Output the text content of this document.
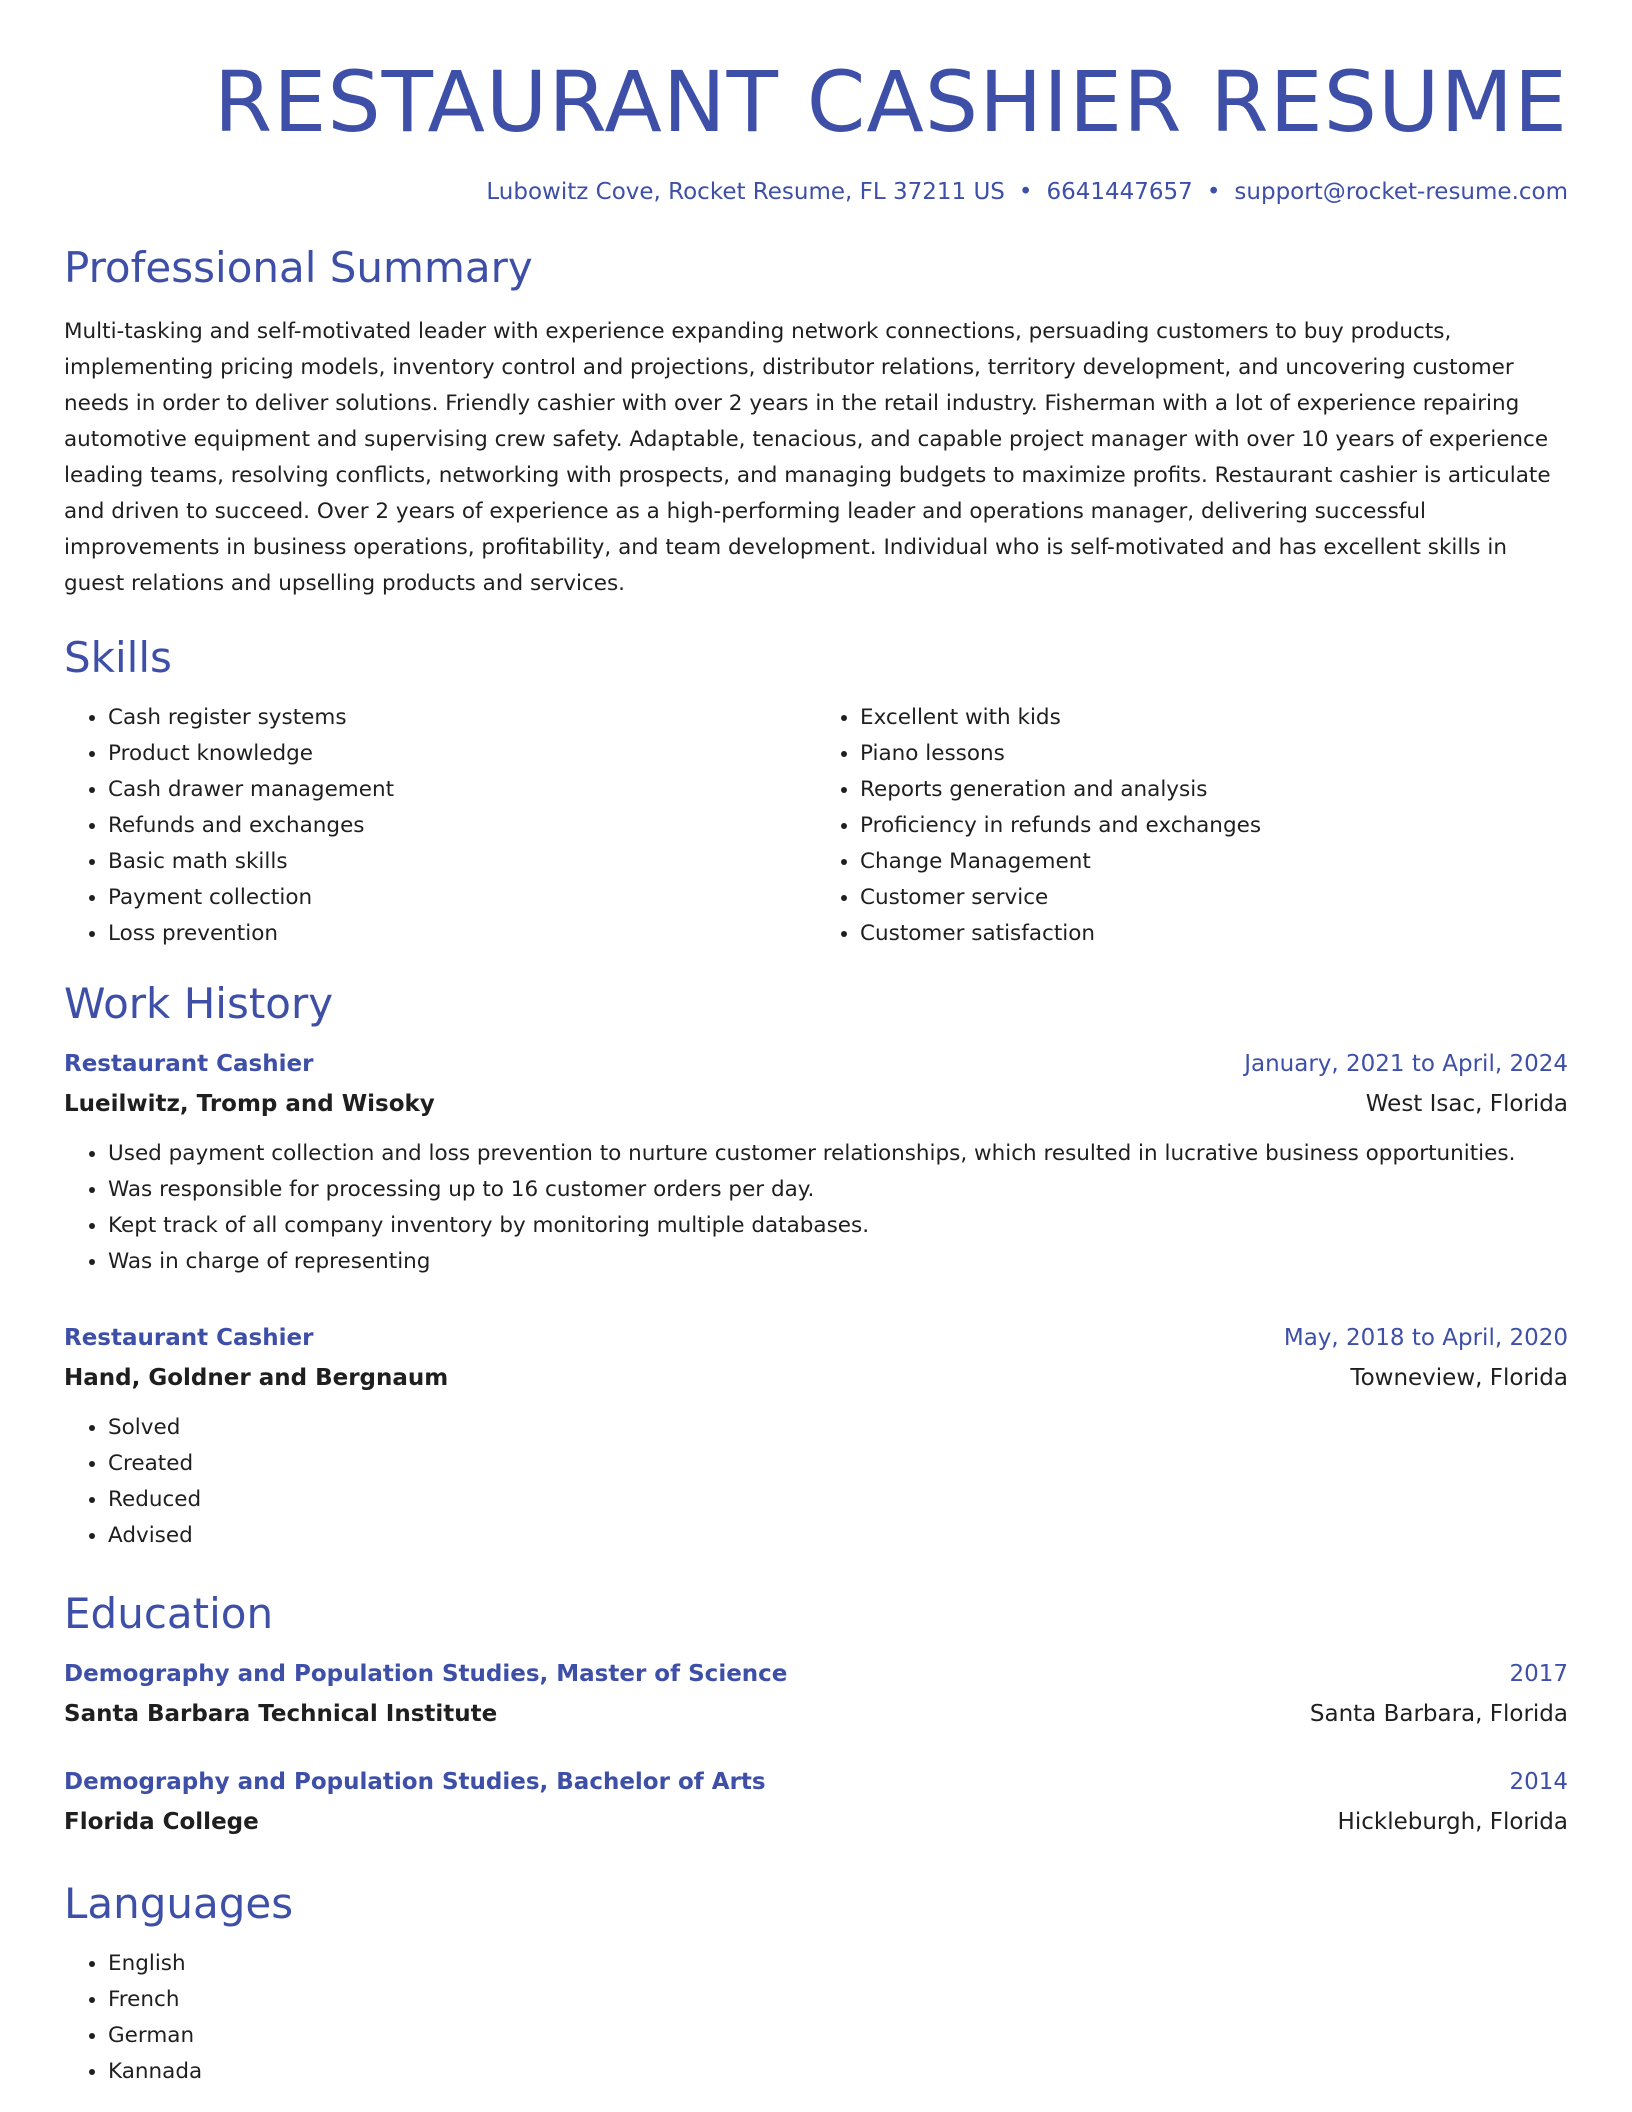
RESTAURANT CASHIER RESUME
Lubowitz Cove, Rocket Resume, FL 37211 US • 6641447657 • support@rocket-resume.com
Professional Summary

Multi-tasking and self-motivated leader with experience expanding network connections, persuading customers to buy products, implementing pricing models, inventory control and projections, distributor relations, territory development, and uncovering customer needs in order to deliver solutions. Friendly cashier with over 2 years in the retail industry. Fisherman with a lot of experience repairing automotive equipment and supervising crew safety. Adaptable, tenacious, and capable project manager with over 10 years of experience leading teams, resolving conflicts, networking with prospects, and managing budgets to maximize profits. Restaurant cashier is articulate and driven to succeed. Over 2 years of experience as a high-performing leader and operations manager, delivering successful improvements in business operations, profitability, and team development. Individual who is self-motivated and has excellent skills in guest relations and upselling products and services.

Skills
• Cash register systems
• Product knowledge
• Cash drawer management
• Refunds and exchanges
• Basic math skills
• Payment collection
• Loss prevention
• Excellent with kids
• Piano lessons
• Reports generation and analysis
• Proficiency in refunds and exchanges
• Change Management
• Customer service
• Customer satisfaction
Work History
Restaurant Cashier	January, 2021 to April, 2024
Lueilwitz, Tromp and Wisoky	West Isac, Florida
• Used payment collection and loss prevention to nurture customer relationships, which resulted in lucrative business opportunities.
• Was responsible for processing up to 16 customer orders per day.
• Kept track of all company inventory by monitoring multiple databases.
• Was in charge of representing
Restaurant Cashier	May, 2018 to April, 2020
Hand, Goldner and Bergnaum	Towneview, Florida
• Solved
• Created
• Reduced
• Advised
Education
Demography and Population Studies, Master of Science	2017
Santa Barbara Technical Institute	Santa Barbara, Florida
Demography and Population Studies, Bachelor of Arts	2014
Florida College	Hickleburgh, Florida
Languages
• English
• French
• German
• Kannada
